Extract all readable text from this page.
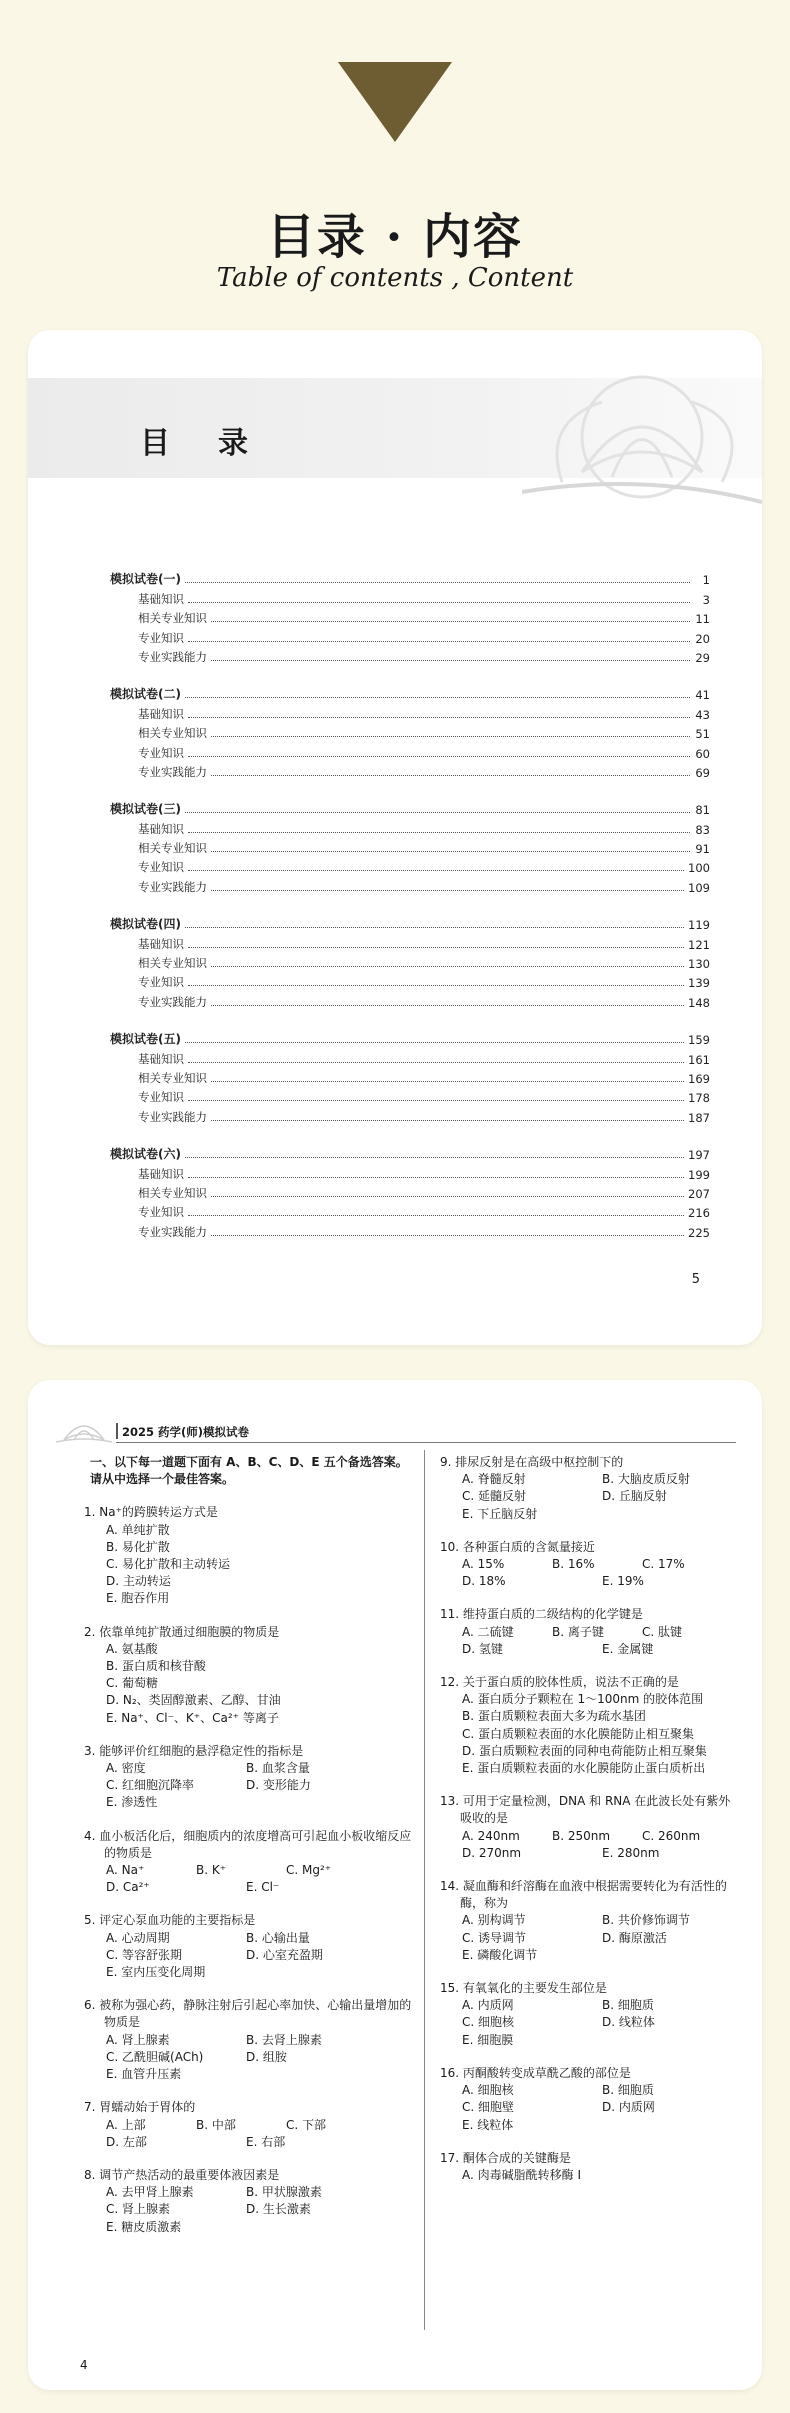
目录 · 内容
Table of contents , Content
目录
模拟试卷(一)	1
基础知识	3
相关专业知识	11
专业知识	20
专业实践能力	29
模拟试卷(二)	41
基础知识	43
相关专业知识	51
专业知识	60
专业实践能力	69
模拟试卷(三)	81
基础知识	83
相关专业知识	91
专业知识	100
专业实践能力	109
模拟试卷(四)	119
基础知识	121
相关专业知识	130
专业知识	139
专业实践能力	148
模拟试卷(五)	159
基础知识	161
相关专业知识	169
专业知识	178
专业实践能力	187
模拟试卷(六)	197
基础知识	199
相关专业知识	207
专业知识	216
专业实践能力	225
5
2025 药学(师)模拟试卷
一、以下每一道题下面有 A、B、C、D、E 五个备选答案。请从中选择一个最佳答案。
1. Na⁺的跨膜转运方式是
A. 单纯扩散
B. 易化扩散
C. 易化扩散和主动转运
D. 主动转运
E. 胞吞作用
2. 依靠单纯扩散通过细胞膜的物质是
A. 氨基酸
B. 蛋白质和核苷酸
C. 葡萄糖
D. N₂、类固醇激素、乙醇、甘油
E. Na⁺、Cl⁻、K⁺、Ca²⁺ 等离子
3. 能够评价红细胞的悬浮稳定性的指标是
A. 密度	B. 血浆含量
C. 红细胞沉降率	D. 变形能力
E. 渗透性
4. 血小板活化后，细胞质内的浓度增高可引起血小板收缩反应的物质是
A. Na⁺	B. K⁺	C. Mg²⁺
D. Ca²⁺	E. Cl⁻
5. 评定心泵血功能的主要指标是
A. 心动周期	B. 心输出量
C. 等容舒张期	D. 心室充盈期
E. 室内压变化周期
6. 被称为强心药，静脉注射后引起心率加快、心输出量增加的物质是
A. 肾上腺素	B. 去肾上腺素
C. 乙酰胆碱(ACh)	D. 组胺
E. 血管升压素
7. 胃蠕动始于胃体的
A. 上部	B. 中部	C. 下部
D. 左部	E. 右部
8. 调节产热活动的最重要体液因素是
A. 去甲肾上腺素	B. 甲状腺激素
C. 肾上腺素	D. 生长激素
E. 糖皮质激素
9. 排尿反射是在高级中枢控制下的
A. 脊髓反射	B. 大脑皮质反射
C. 延髓反射	D. 丘脑反射
E. 下丘脑反射
10. 各种蛋白质的含氮量接近
A. 15%	B. 16%	C. 17%
D. 18%	E. 19%
11. 维持蛋白质的二级结构的化学键是
A. 二硫键	B. 离子键	C. 肽键
D. 氢键	E. 金属键
12. 关于蛋白质的胶体性质，说法不正确的是
A. 蛋白质分子颗粒在 1～100nm 的胶体范围
B. 蛋白质颗粒表面大多为疏水基团
C. 蛋白质颗粒表面的水化膜能防止相互聚集
D. 蛋白质颗粒表面的同种电荷能防止相互聚集
E. 蛋白质颗粒表面的水化膜能防止蛋白质析出
13. 可用于定量检测，DNA 和 RNA 在此波长处有紫外吸收的是
A. 240nm	B. 250nm	C. 260nm
D. 270nm	E. 280nm
14. 凝血酶和纤溶酶在血液中根据需要转化为有活性的酶，称为
A. 别构调节	B. 共价修饰调节
C. 诱导调节	D. 酶原激活
E. 磷酸化调节
15. 有氧氧化的主要发生部位是
A. 内质网	B. 细胞质
C. 细胞核	D. 线粒体
E. 细胞膜
16. 丙酮酸转变成草酰乙酸的部位是
A. 细胞核	B. 细胞质
C. 细胞壁	D. 内质网
E. 线粒体
17. 酮体合成的关键酶是
A. 肉毒碱脂酰转移酶 Ⅰ
4
